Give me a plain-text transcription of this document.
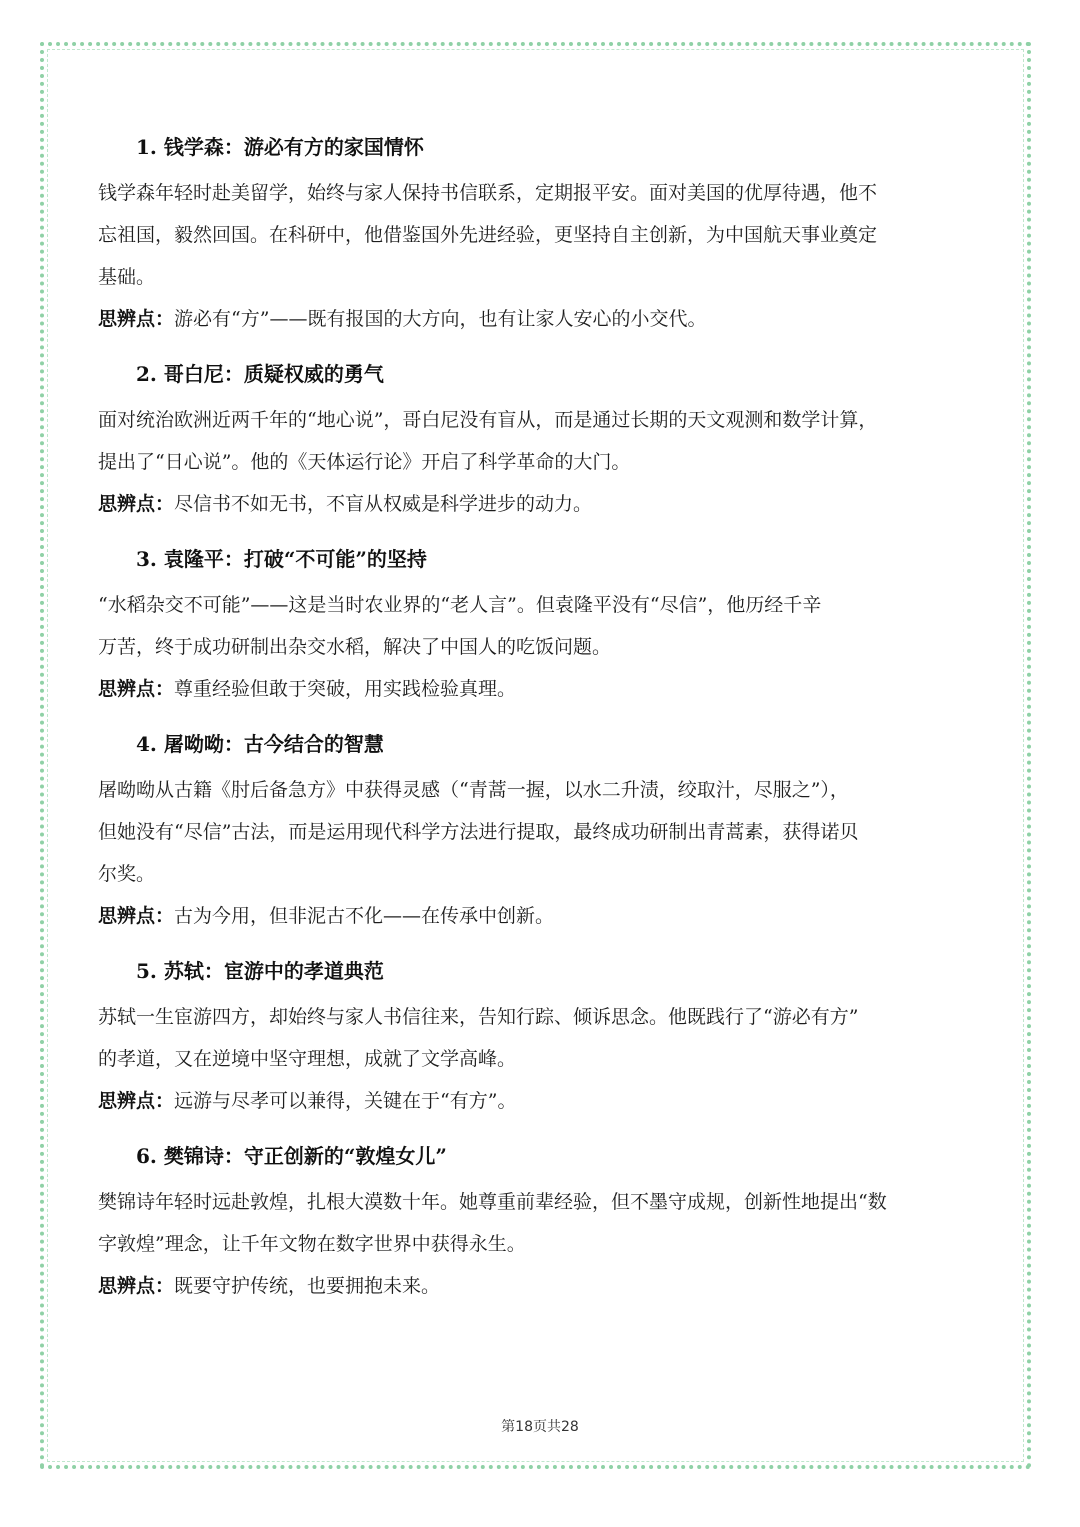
1. 钱学森：游必有方的家国情怀

钱学森年轻时赴美留学，始终与家人保持书信联系，定期报平安。面对美国的优厚待遇，他不

忘祖国，毅然回国。在科研中，他借鉴国外先进经验，更坚持自主创新，为中国航天事业奠定

基础。

思辨点：游必有“方”——既有报国的大方向，也有让家人安心的小交代。

2. 哥白尼：质疑权威的勇气

面对统治欧洲近两千年的“地心说”，哥白尼没有盲从，而是通过长期的天文观测和数学计算，

提出了“日心说”。他的《天体运行论》开启了科学革命的大门。

思辨点：尽信书不如无书，不盲从权威是科学进步的动力。

3. 袁隆平：打破“不可能”的坚持

“水稻杂交不可能”——这是当时农业界的“老人言”。但袁隆平没有“尽信”，他历经千辛

万苦，终于成功研制出杂交水稻，解决了中国人的吃饭问题。

思辨点：尊重经验但敢于突破，用实践检验真理。

4. 屠呦呦：古今结合的智慧

屠呦呦从古籍《肘后备急方》中获得灵感（“青蒿一握，以水二升渍，绞取汁，尽服之”），

但她没有“尽信”古法，而是运用现代科学方法进行提取，最终成功研制出青蒿素，获得诺贝

尔奖。

思辨点：古为今用，但非泥古不化——在传承中创新。

5. 苏轼：宦游中的孝道典范

苏轼一生宦游四方，却始终与家人书信往来，告知行踪、倾诉思念。他既践行了“游必有方”

的孝道，又在逆境中坚守理想，成就了文学高峰。

思辨点：远游与尽孝可以兼得，关键在于“有方”。

6. 樊锦诗：守正创新的“敦煌女儿”

樊锦诗年轻时远赴敦煌，扎根大漠数十年。她尊重前辈经验，但不墨守成规，创新性地提出“数

字敦煌”理念，让千年文物在数字世界中获得永生。

思辨点：既要守护传统，也要拥抱未来。

第18页共28
